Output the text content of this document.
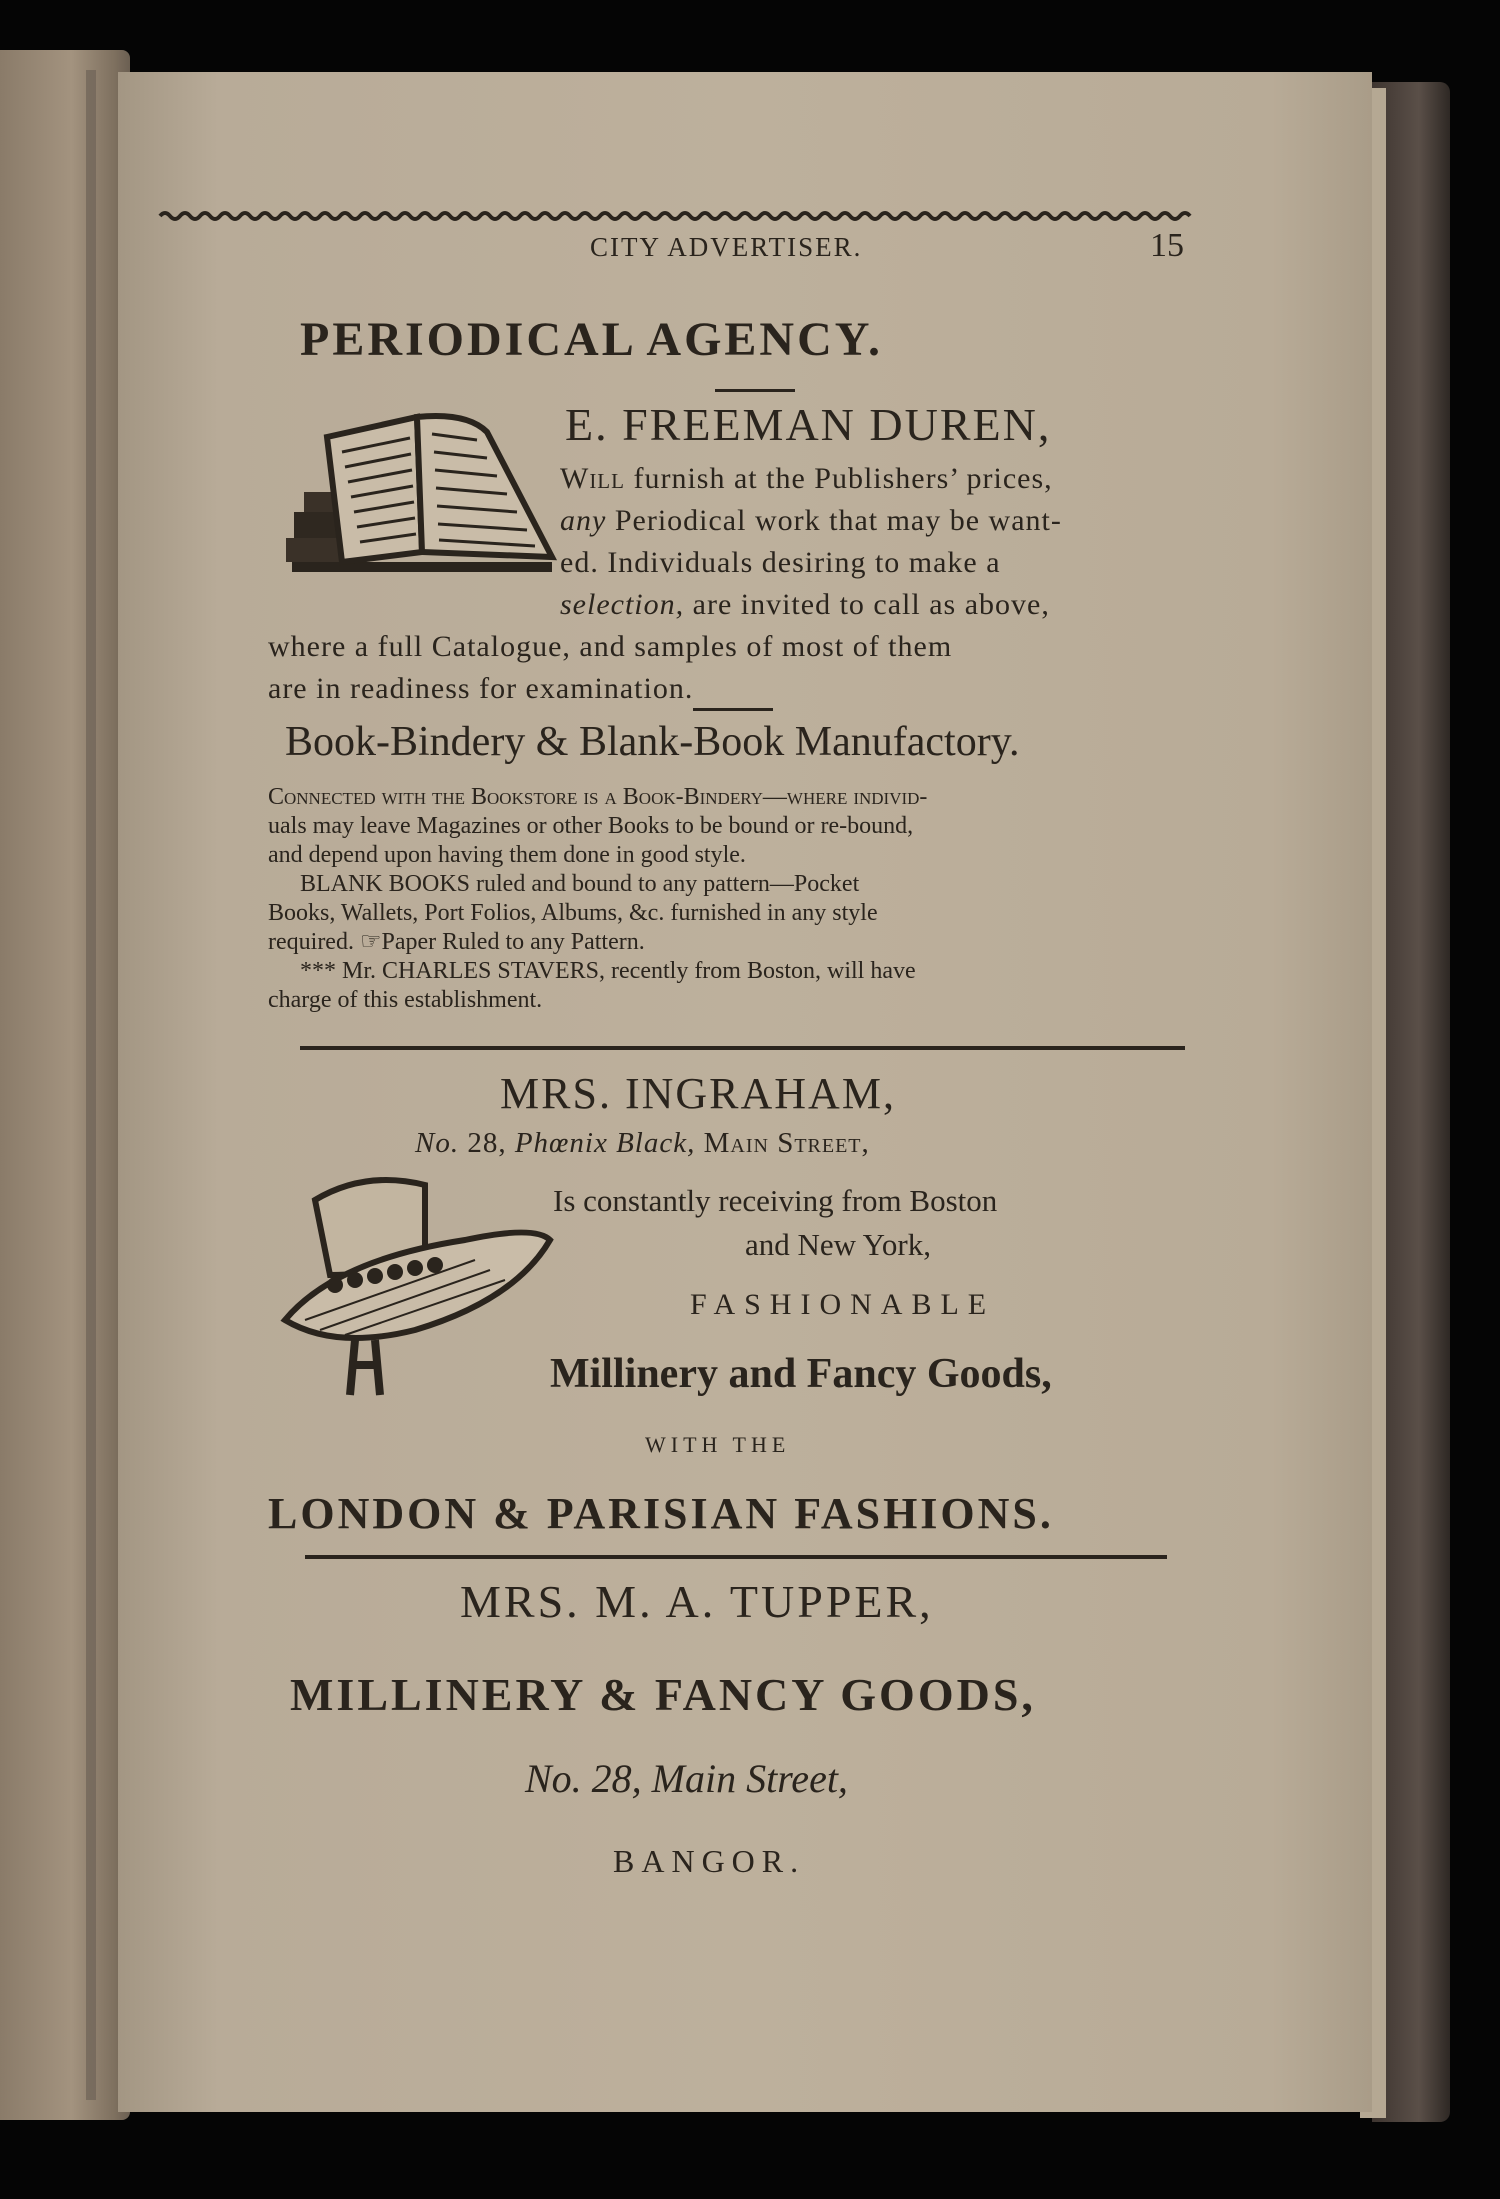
CITY ADVERTISER.	15

PERIODICAL AGENCY.

E. FREEMAN DUREN,

Will furnish at the Publishers’ prices,
any Periodical work that may be want-
ed. Individuals desiring to make a
selection, are invited to call as above,
where a full Catalogue, and samples of most of them
are in readiness for examination.

Book-Bindery & Blank-Book Manufactory.

Connected with the Bookstore is a Book-Bindery—where individ-

uals may leave Magazines or other Books to be bound or re-bound,

and depend upon having them done in good style.

BLANK BOOKS ruled and bound to any pattern—Pocket

Books, Wallets, Port Folios, Albums, &c. furnished in any style

required. ☞Paper Ruled to any Pattern.

*** Mr. CHARLES STAVERS, recently from Boston, will have

charge of this establishment.

MRS. INGRAHAM,

No. 28, Phœnix Black, Main Street,

Is constantly receiving from Boston

and New York,

FASHIONABLE

Millinery and Fancy Goods,

WITH THE

LONDON & PARISIAN FASHIONS.

MRS. M. A. TUPPER,

MILLINERY & FANCY GOODS,

No. 28, Main Street,

BANGOR.
